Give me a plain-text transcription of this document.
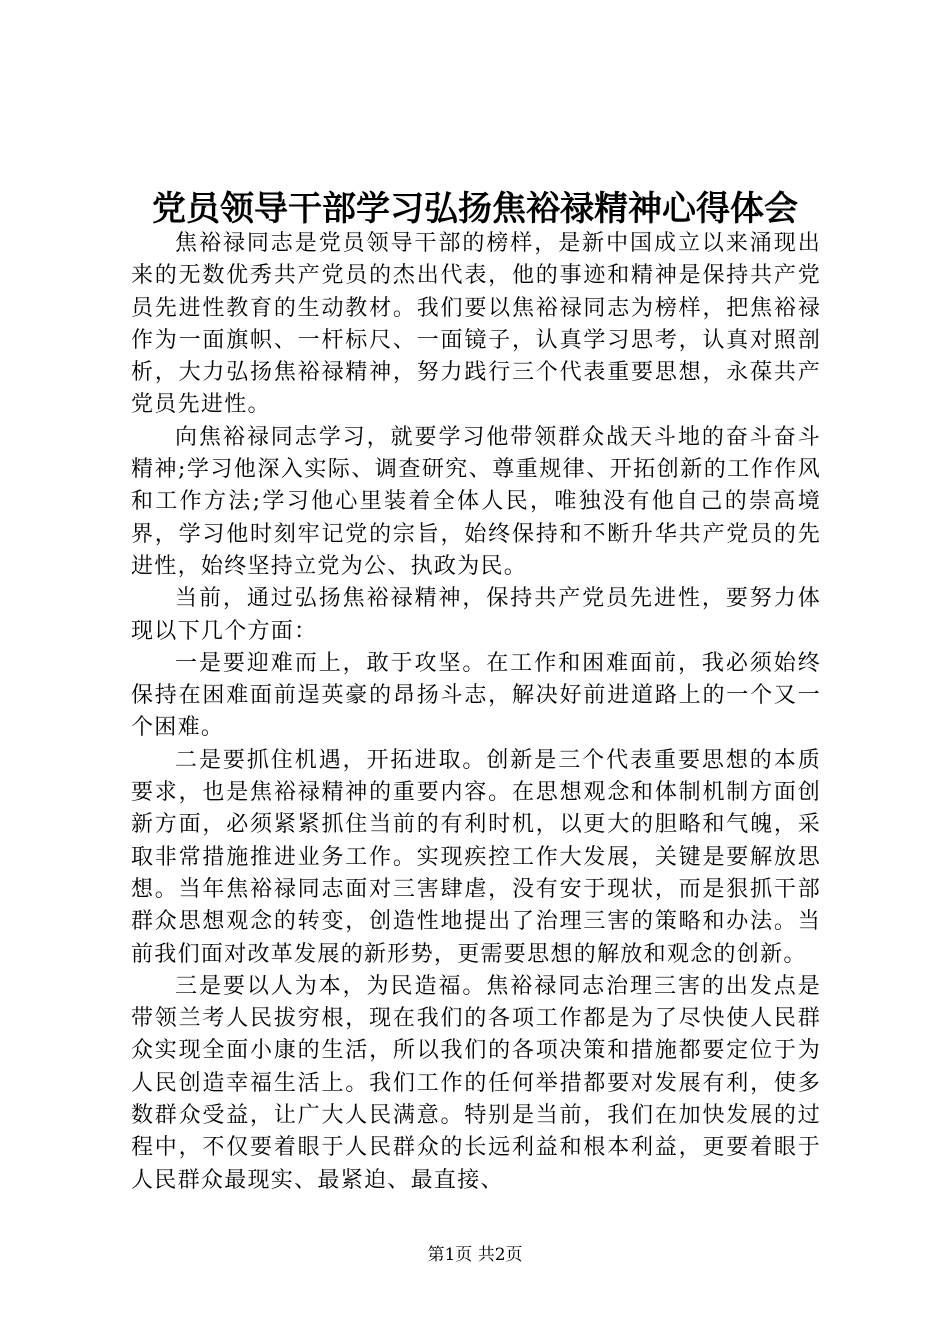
党员领导干部学习弘扬焦裕禄精神心得体会

焦裕禄同志是党员领导干部的榜样，是新中国成立以来涌现出来的无数优秀共产党员的杰出代表，他的事迹和精神是保持共产党员先进性教育的生动教材。我们要以焦裕禄同志为榜样，把焦裕禄作为一面旗帜、一杆标尺、一面镜子，认真学习思考，认真对照剖析，大力弘扬焦裕禄精神，努力践行三个代表重要思想，永葆共产党员先进性。

向焦裕禄同志学习，就要学习他带领群众战天斗地的奋斗奋斗精神;学习他深入实际、调查研究、尊重规律、开拓创新的工作作风和工作方法;学习他心里装着全体人民，唯独没有他自己的崇高境界，学习他时刻牢记党的宗旨，始终保持和不断升华共产党员的先进性，始终坚持立党为公、执政为民。

当前，通过弘扬焦裕禄精神，保持共产党员先进性，要努力体现以下几个方面：

一是要迎难而上，敢于攻坚。在工作和困难面前，我必须始终保持在困难面前逞英豪的昂扬斗志，解决好前进道路上的一个又一个困难。

二是要抓住机遇，开拓进取。创新是三个代表重要思想的本质要求，也是焦裕禄精神的重要内容。在思想观念和体制机制方面创新方面，必须紧紧抓住当前的有利时机，以更大的胆略和气魄，采取非常措施推进业务工作。实现疾控工作大发展，关键是要解放思想。当年焦裕禄同志面对三害肆虐，没有安于现状，而是狠抓干部群众思想观念的转变，创造性地提出了治理三害的策略和办法。当前我们面对改革发展的新形势，更需要思想的解放和观念的创新。

三是要以人为本，为民造福。焦裕禄同志治理三害的出发点是带领兰考人民拔穷根，现在我们的各项工作都是为了尽快使人民群众实现全面小康的生活，所以我们的各项决策和措施都要定位于为人民创造幸福生活上。我们工作的任何举措都要对发展有利，使多数群众受益，让广大人民满意。特别是当前，我们在加快发展的过程中，不仅要着眼于人民群众的长远利益和根本利益，更要着眼于人民群众最现实、最紧迫、最直接、

第1页 共2页
